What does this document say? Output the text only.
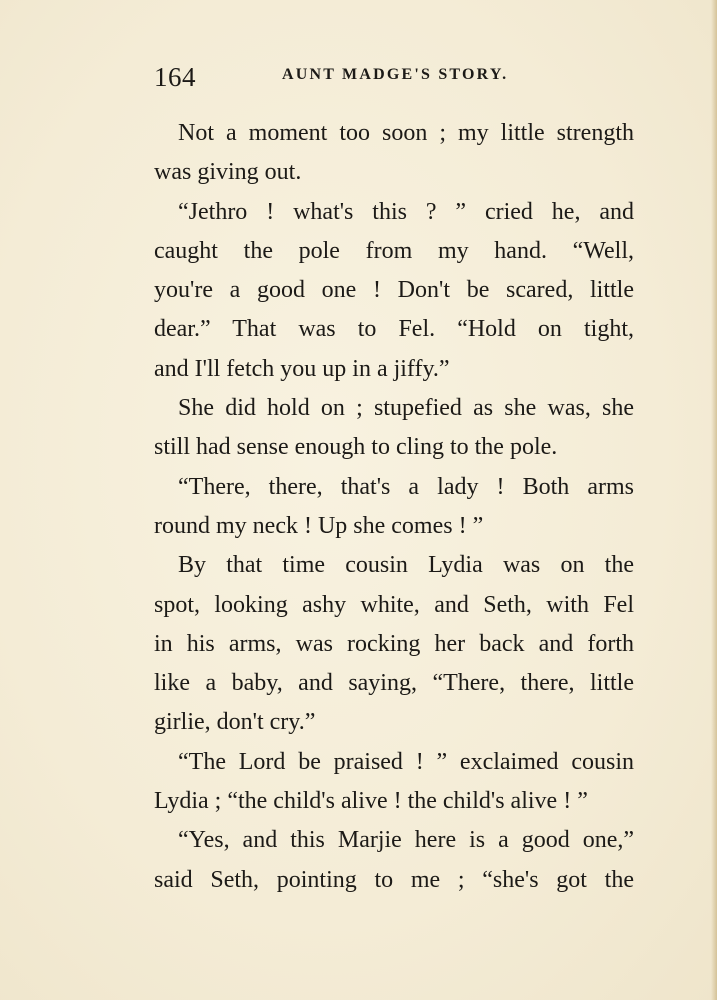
164	AUNT MADGE'S STORY.
Not a moment too soon ; my little strength
was giving out.
“Jethro ! what's this ? ” cried he, and
caught the pole from my hand. “Well,
you're a good one ! Don't be scared, little
dear.” That was to Fel. “Hold on tight,
and I'll fetch you up in a jiffy.”
She did hold on ; stupefied as she was, she
still had sense enough to cling to the pole.
“There, there, that's a lady ! Both arms
round my neck ! Up she comes ! ”
By that time cousin Lydia was on the
spot, looking ashy white, and Seth, with Fel
in his arms, was rocking her back and forth
like a baby, and saying, “There, there, little
girlie, don't cry.”
“The Lord be praised ! ” exclaimed cousin
Lydia ; “the child's alive ! the child's alive ! ”
“Yes, and this Marjie here is a good one,”
said Seth, pointing to me ; “she's got the
